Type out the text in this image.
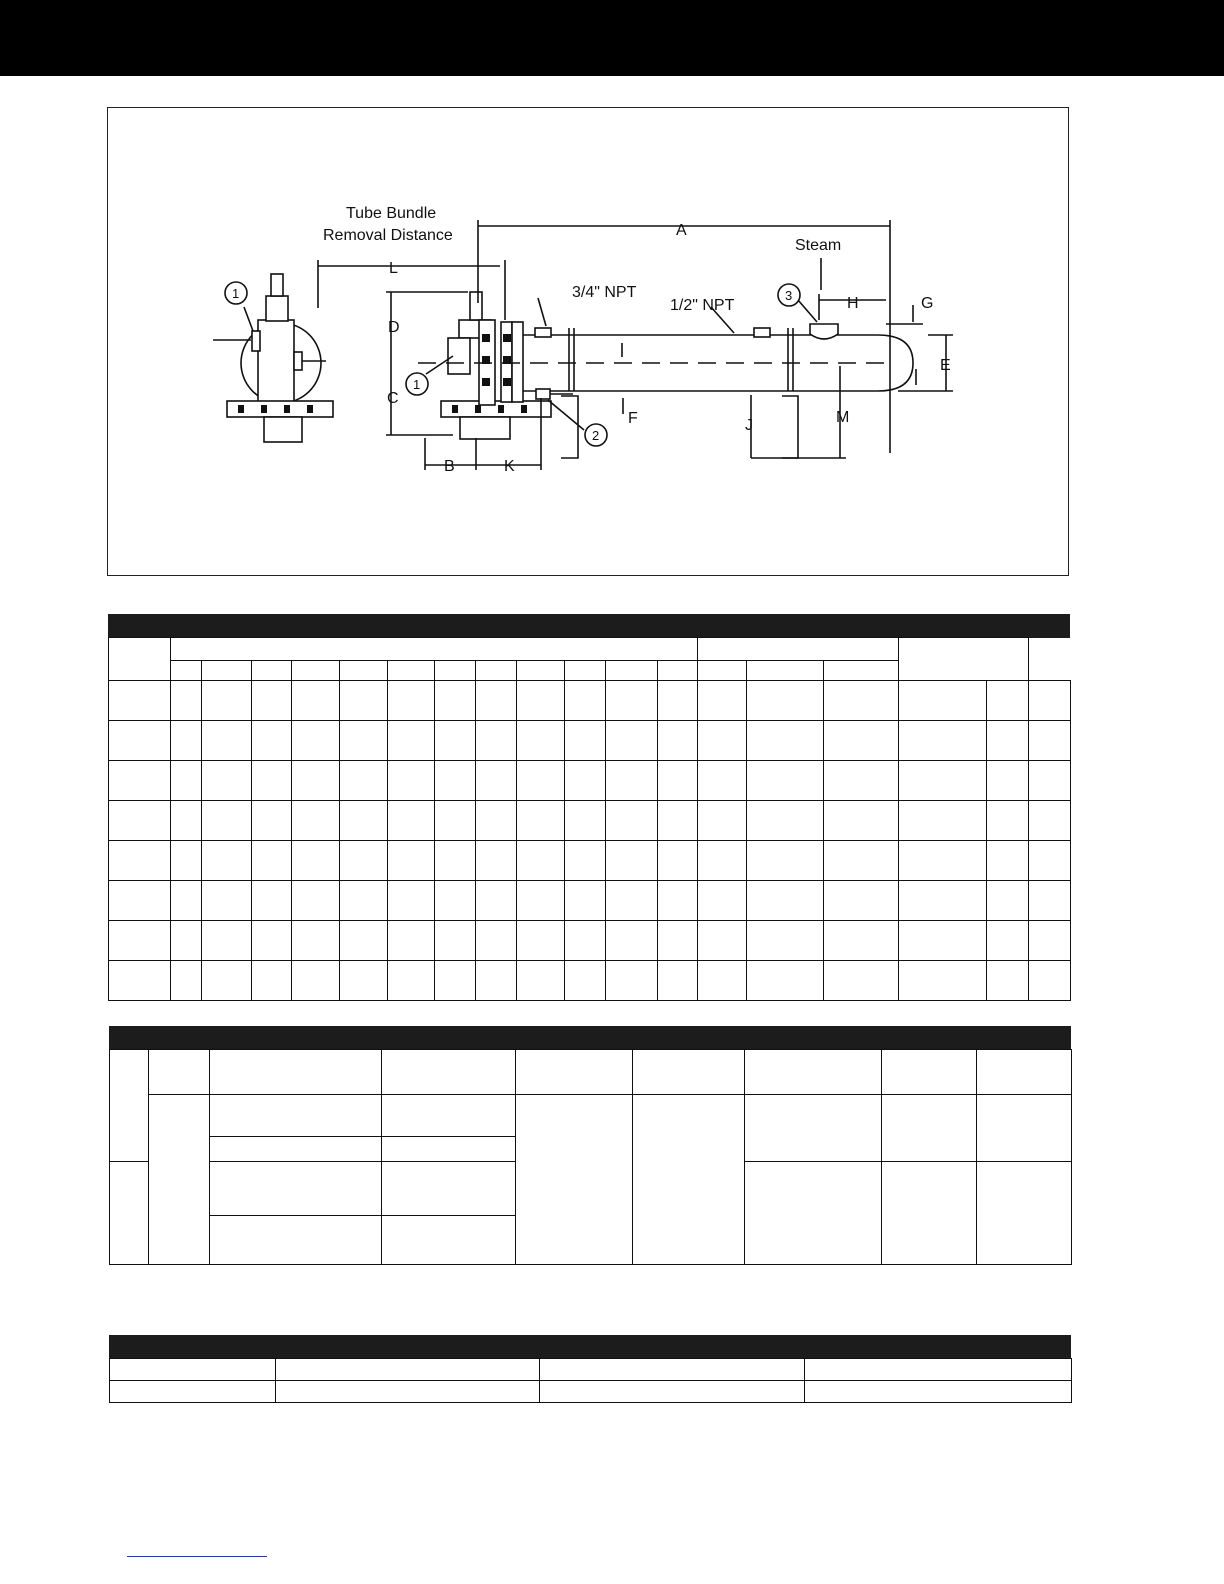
Tube Bundle
Removal Distance	A
L
Steam
3/4" NPT
1/2" NPT	H	G
E
M
J
F
D
C
B	K
1
1
2
3
